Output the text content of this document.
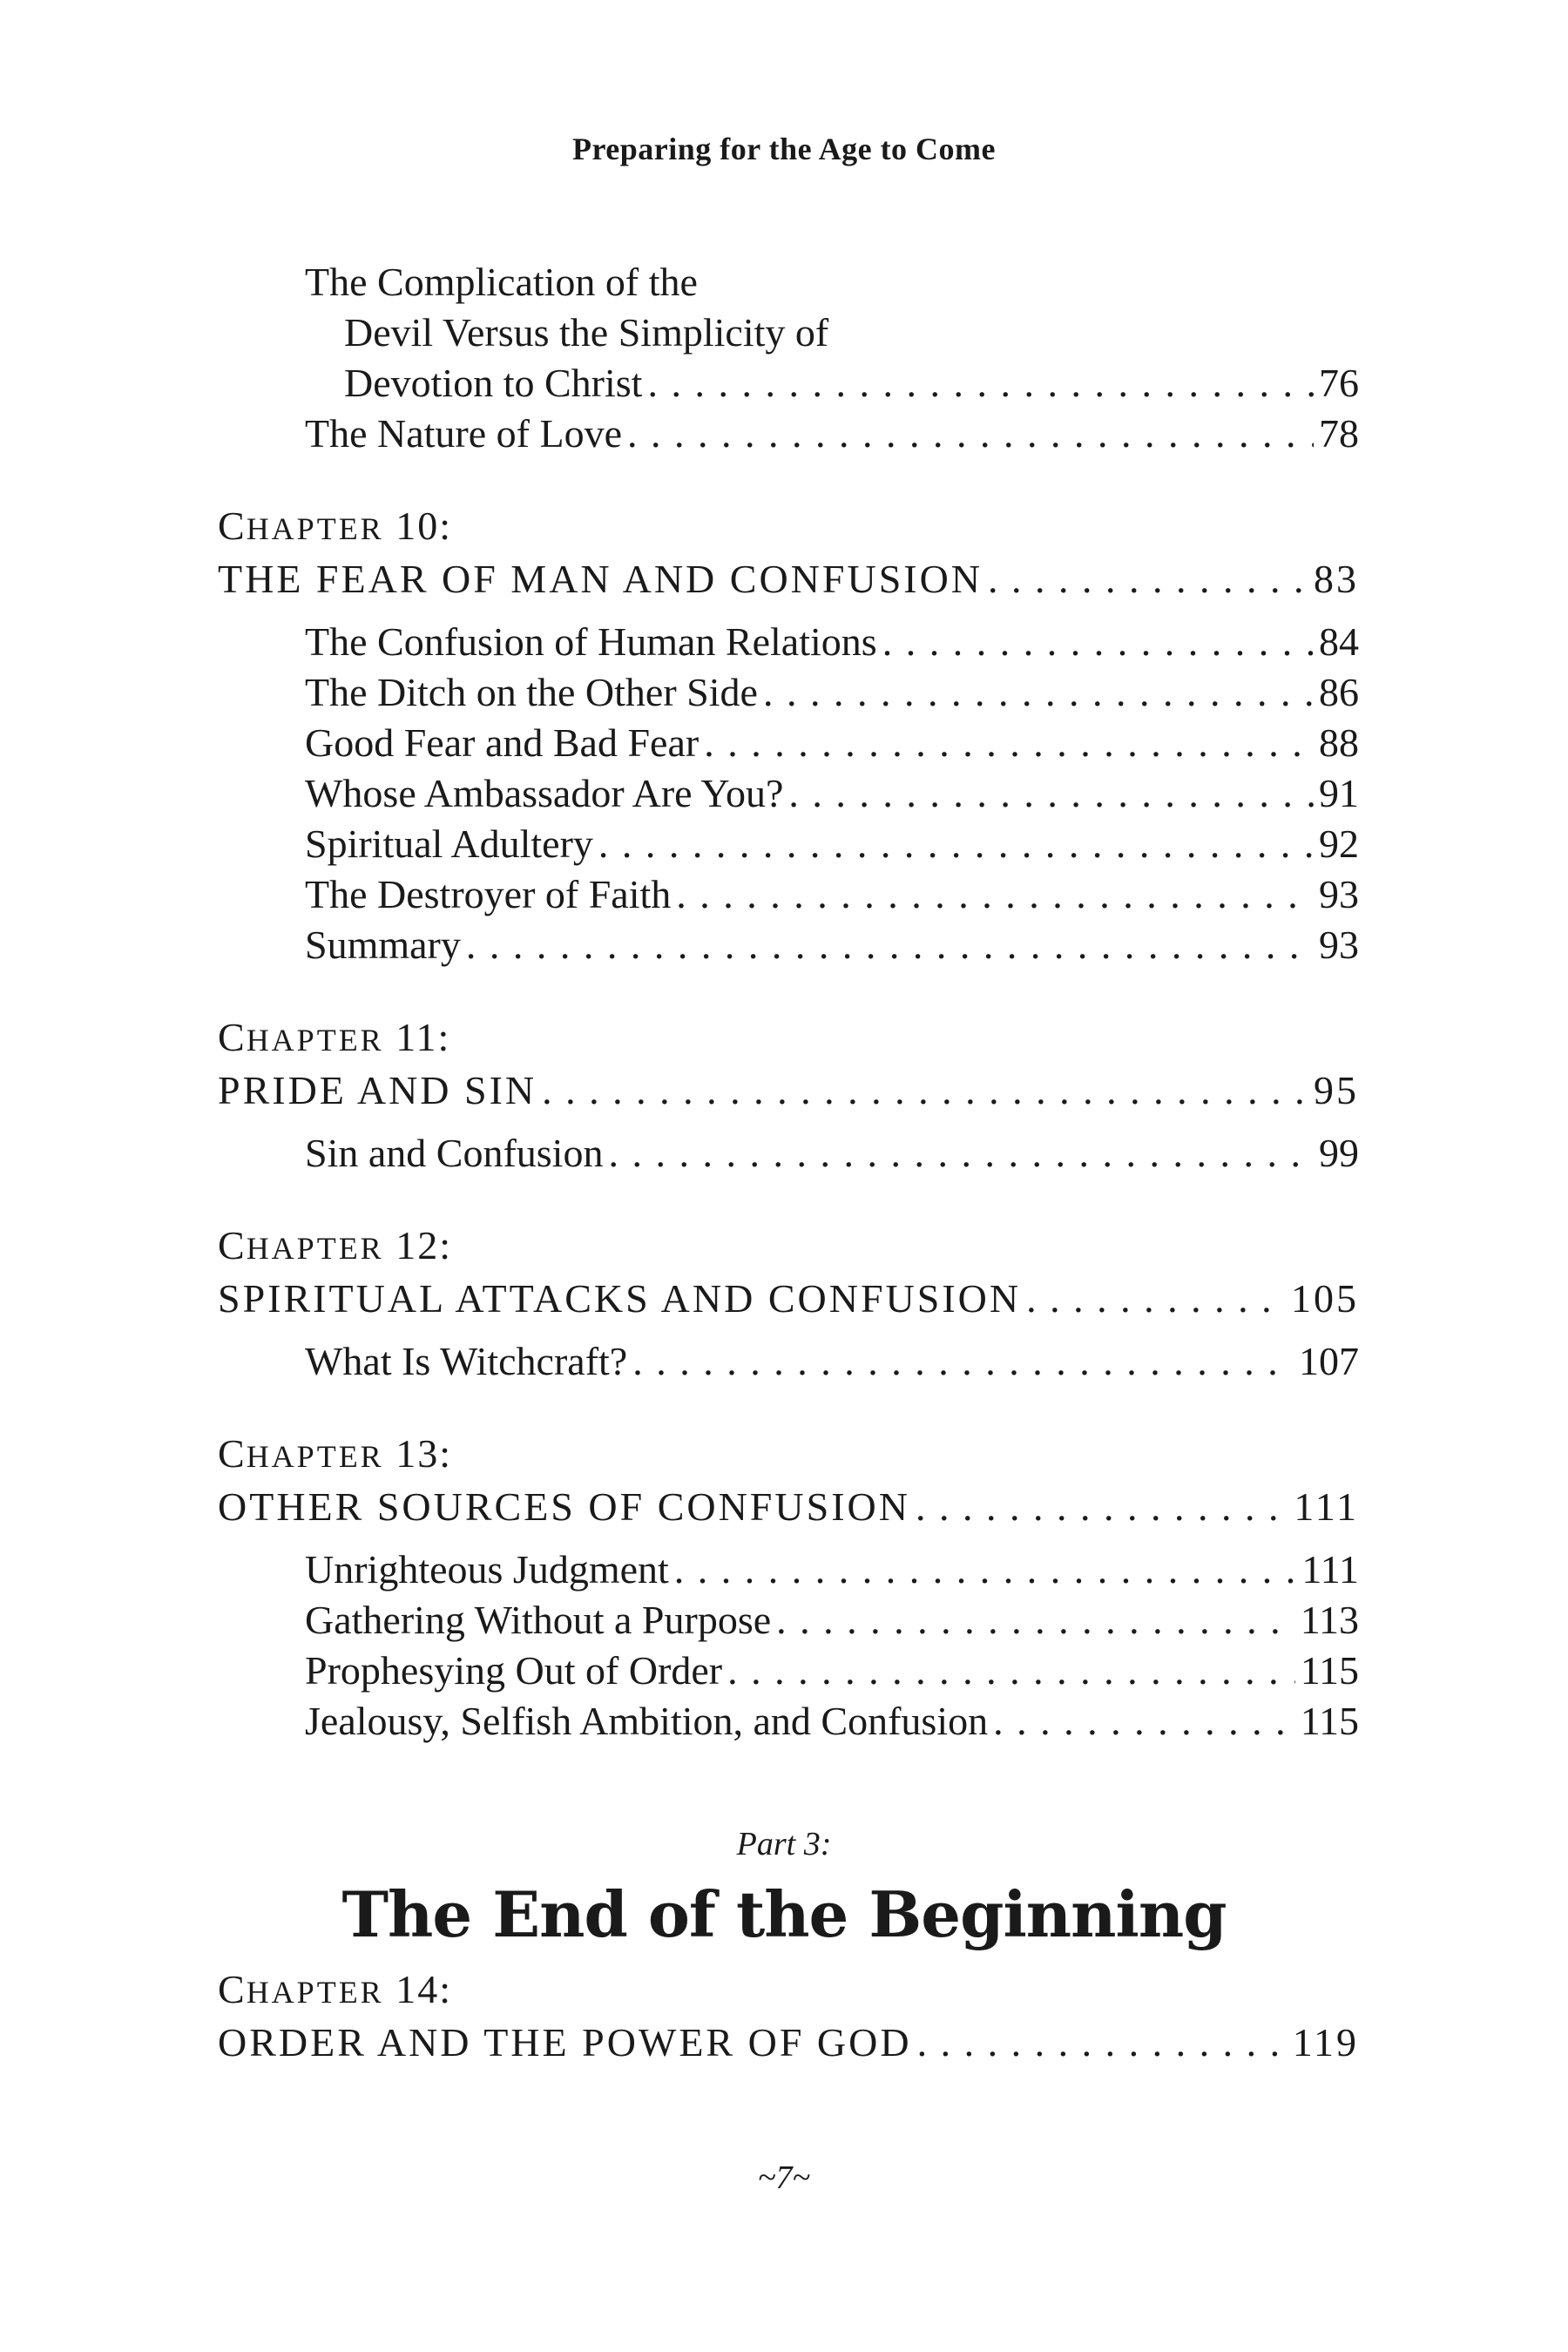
Preparing for the Age to Come
The Complication of the
Devil Versus the Simplicity of
Devotion to Christ . . .	76
The Nature of Love . . .	78
CHAPTER 10:
THE FEAR OF MAN AND CONFUSION . . .	83
The Confusion of Human Relations . . .	84
The Ditch on the Other Side . . .	86
Good Fear and Bad Fear . . .	88
Whose Ambassador Are You? . . .	91
Spiritual Adultery . . .	92
The Destroyer of Faith . . .	93
Summary . . .	93
CHAPTER 11:
PRIDE AND SIN . . .	95
Sin and Confusion . . .	99
CHAPTER 12:
SPIRITUAL ATTACKS AND CONFUSION . . .	105
What Is Witchcraft? . . .	107
CHAPTER 13:
OTHER SOURCES OF CONFUSION . . .	111
Unrighteous Judgment . . .	111
Gathering Without a Purpose . . .	113
Prophesying Out of Order . . .	115
Jealousy, Selfish Ambition, and Confusion . . .	115
Part 3:
The End of the Beginning
CHAPTER 14:
ORDER AND THE POWER OF GOD . . .	119
~7~
